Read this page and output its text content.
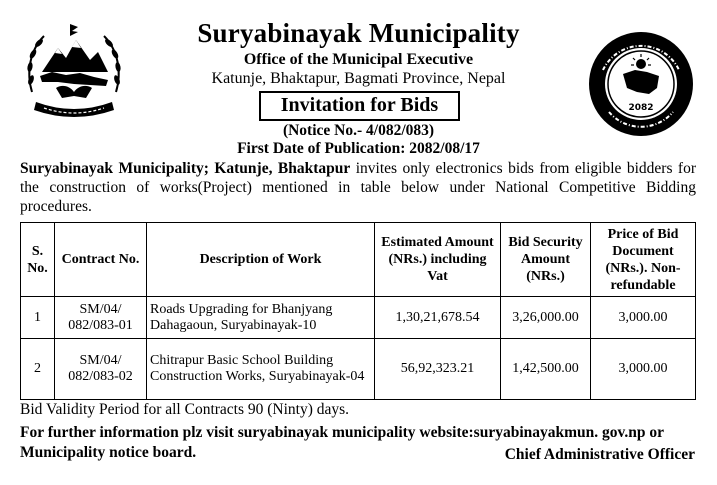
2082
Suryabinayak Municipality
Office of the Municipal Executive
Katunje, Bhaktapur, Bagmati Province, Nepal
Invitation for Bids
(Notice No.- 4/082/083)
First Date of Publication: 2082/08/17
Suryabinayak Municipality; Katunje, Bhaktapur invites only electronics bids from eligible bidders for the construction of works(Project) mentioned in table below under National Competitive Bidding procedures.
S. No.	Contract No.	Description of Work	Estimated Amount (NRs.) including Vat	Bid Security Amount (NRs.)	Price of Bid Document (NRs.). Non-refundable
1	SM/04/ 082/083-01	Roads Upgrading for Bhanjyang Dahagaoun, Suryabinayak-10	1,30,21,678.54	3,26,000.00	3,000.00
2	SM/04/ 082/083-02	Chitrapur Basic School Building Construction Works, Suryabinayak-04	56,92,323.21	1,42,500.00	3,000.00
Bid Validity Period for all Contracts 90 (Ninty) days.
For further information plz visit suryabinayak municipality website:suryabinayakmun. gov.np or Municipality notice board.	Chief Administrative Officer
